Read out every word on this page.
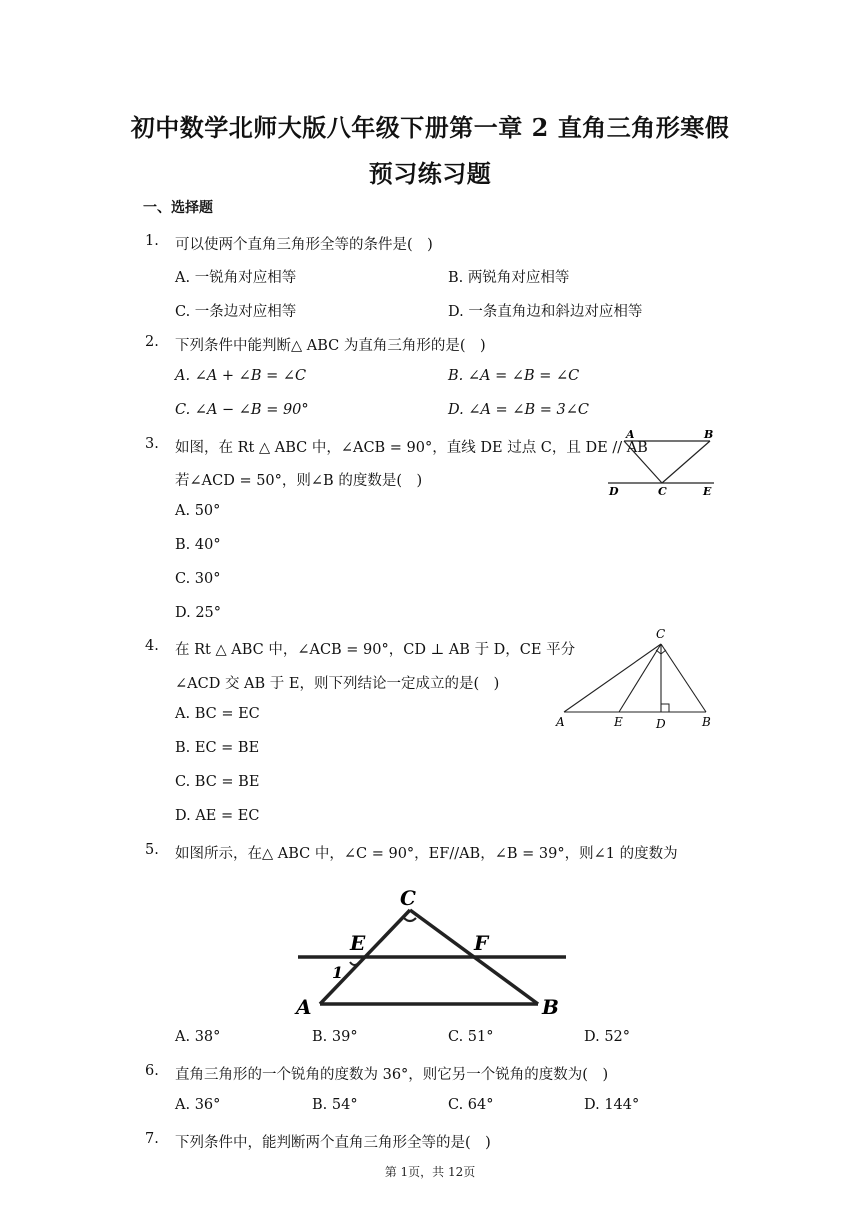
初中数学北师大版八年级下册第一章 2 直角三角形寒假
预习练习题
一、选择题
1. 可以使两个直角三角形全等的条件是(　)
A. 一锐角对应相等	B. 两锐角对应相等
C. 一条边对应相等	D. 一条直角边和斜边对应相等
2. 下列条件中能判断△ ABC 为直角三角形的是(　)
A. ∠A + ∠B = ∠C	B. ∠A = ∠B = ∠C
C. ∠A − ∠B = 90°	D. ∠A = ∠B = 3∠C
3. 如图，在 Rt △ ABC 中，∠ACB = 90°，直线 DE 过点 C，且 DE // AB
若∠ACD = 50°，则∠B 的度数是(　)
A. 50°
B. 40°
C. 30°
D. 25°
A	B
C
D	E
4. 在 Rt △ ABC 中，∠ACB = 90°，CD ⊥ AB 于 D，CE 平分
∠ACD 交 AB 于 E，则下列结论一定成立的是(　)
A. BC = EC
B. EC = BE
C. BC = BE
D. AE = EC
C
A	E	D	B
5. 如图所示，在△ ABC 中，∠C = 90°，EF//AB，∠B = 39°，则∠1 的度数为
C
E	F
1
A	B
A. 38°	B. 39°	C. 51°	D. 52°
6. 直角三角形的一个锐角的度数为 36°，则它另一个锐角的度数为(　)
A. 36°	B. 54°	C. 64°	D. 144°
7. 下列条件中，能判断两个直角三角形全等的是(　)
第 1页，共 12页
